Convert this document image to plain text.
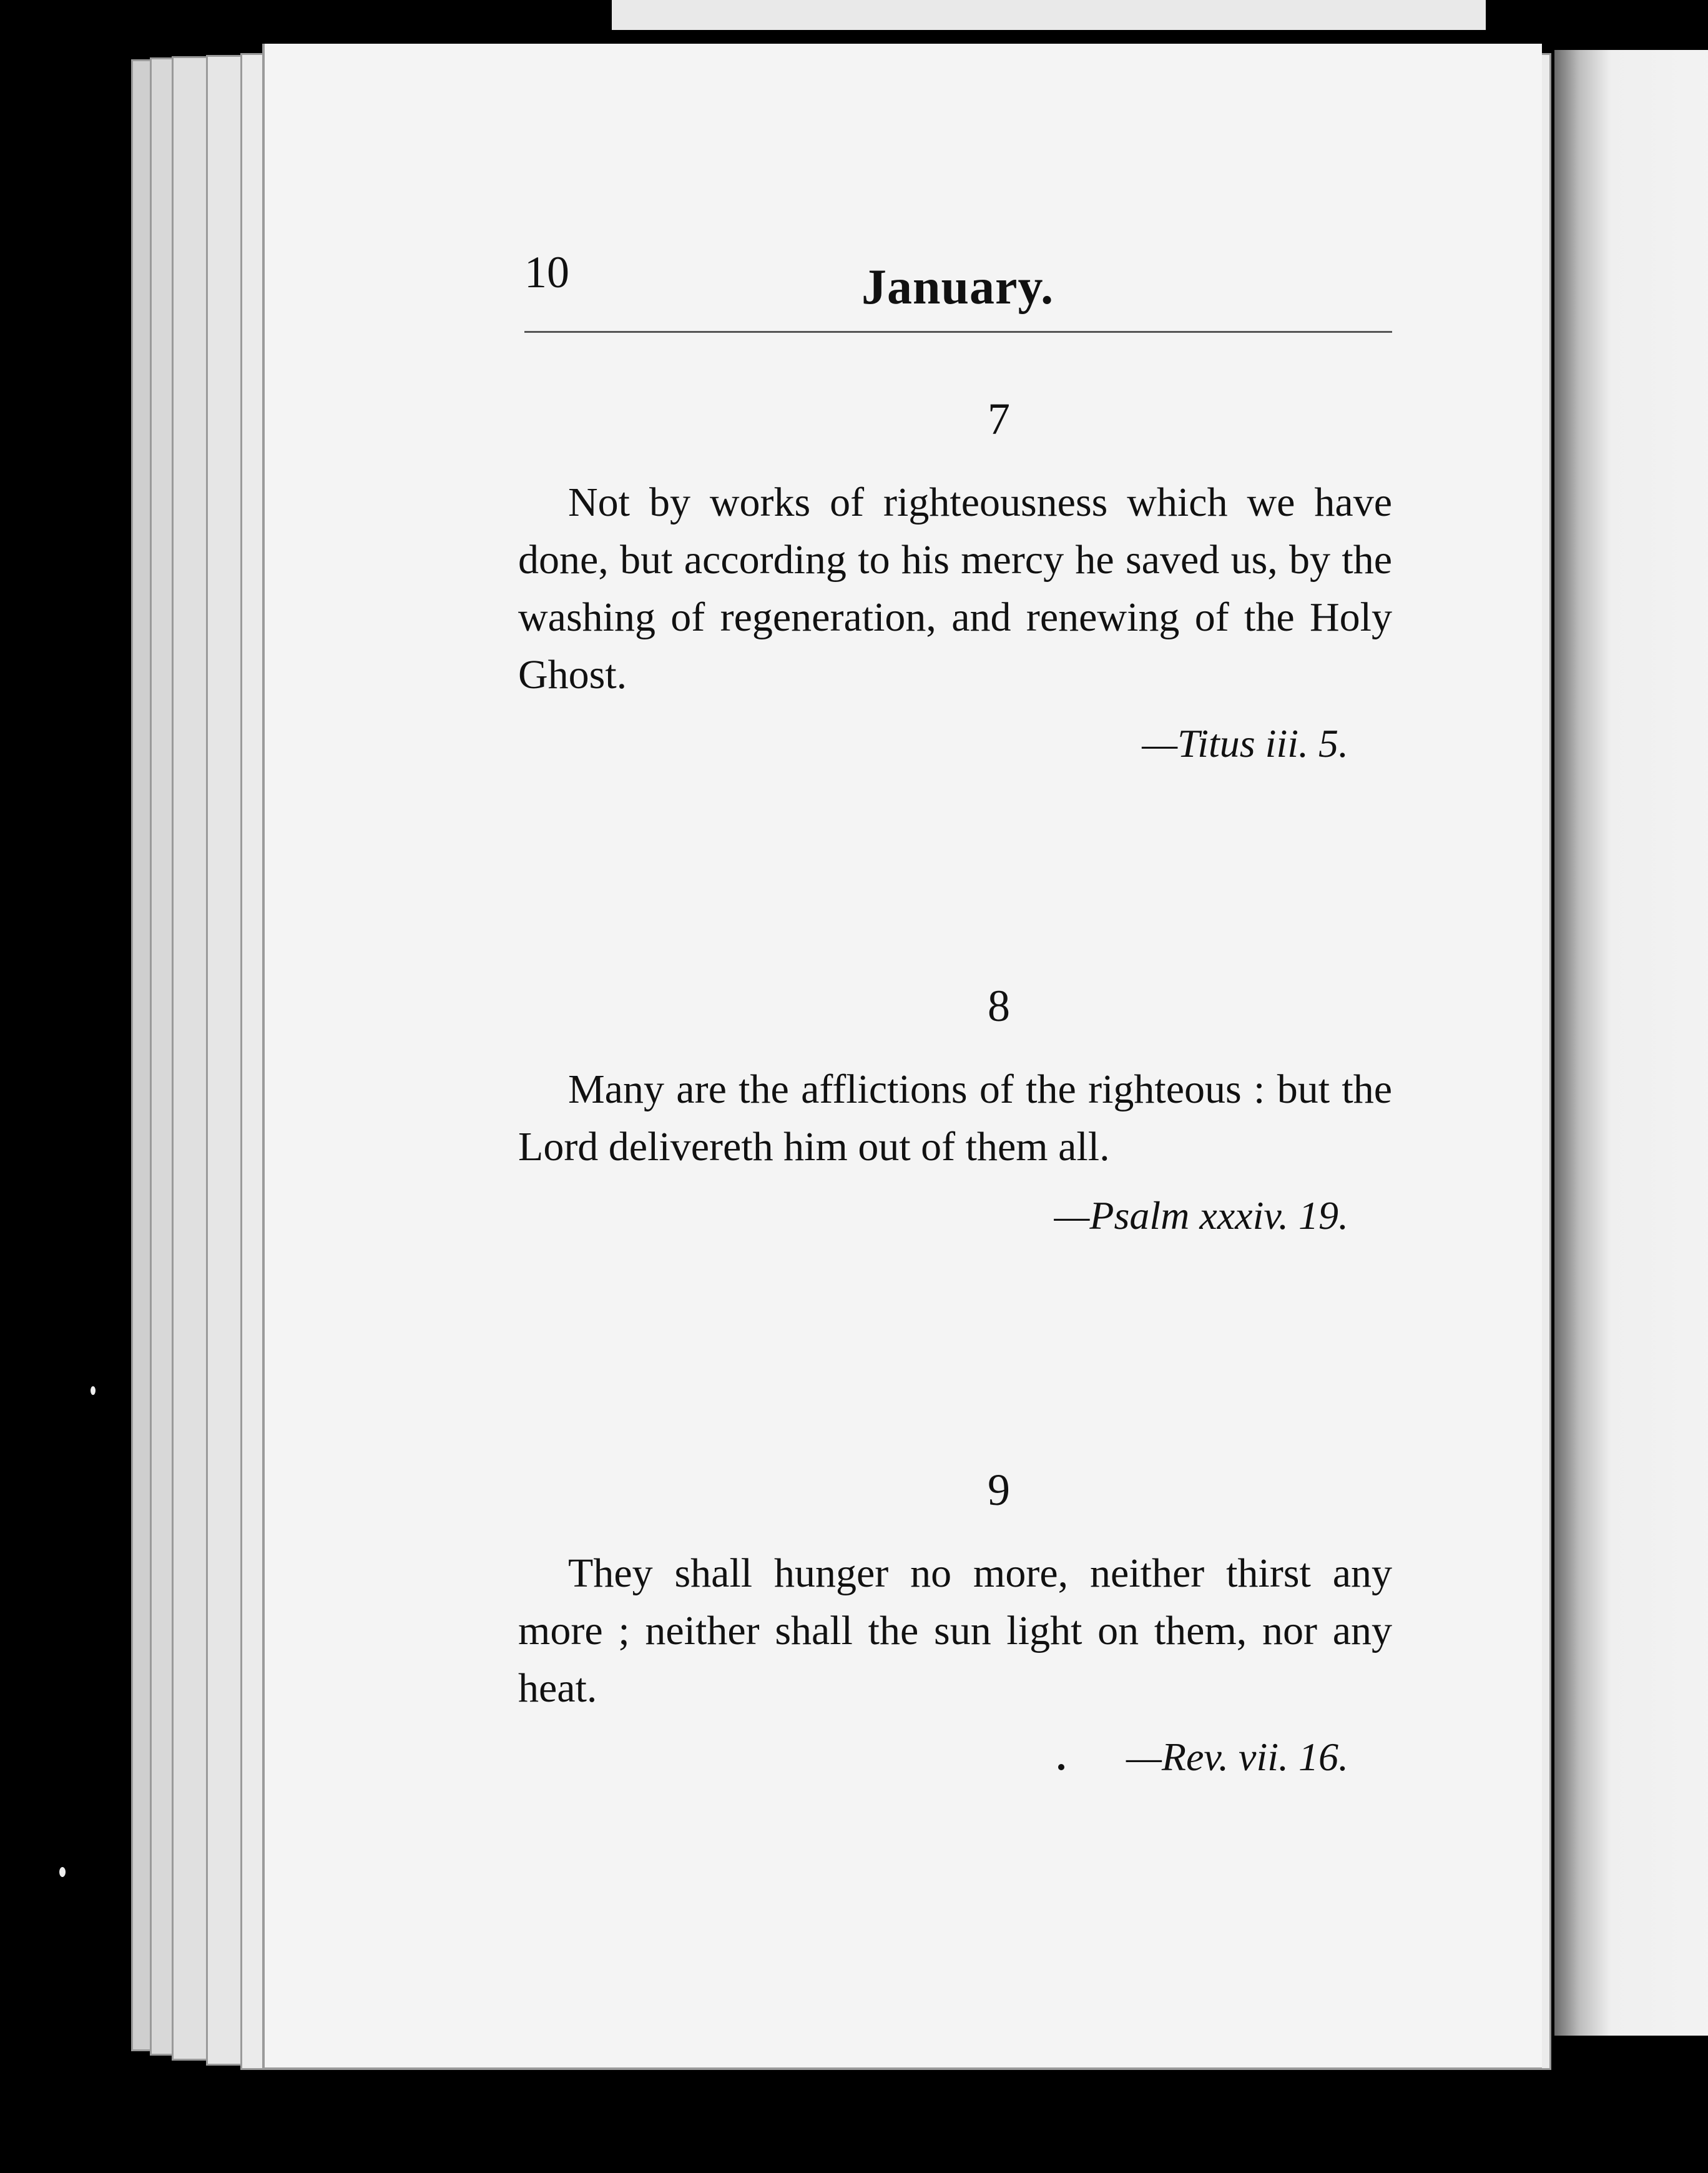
10	January.
7
Not by works of righteousness which we have done, but according to his mercy he saved us, by the washing of regeneration, and renewing of the Holy Ghost.
—Titus iii. 5.
8
Many are the afflictions of the righteous : but the Lord delivereth him out of them all.
—Psalm xxxiv. 19.
9
They shall hunger no more, neither thirst any more ; neither shall the sun light on them, nor any heat.
—Rev. vii. 16.
